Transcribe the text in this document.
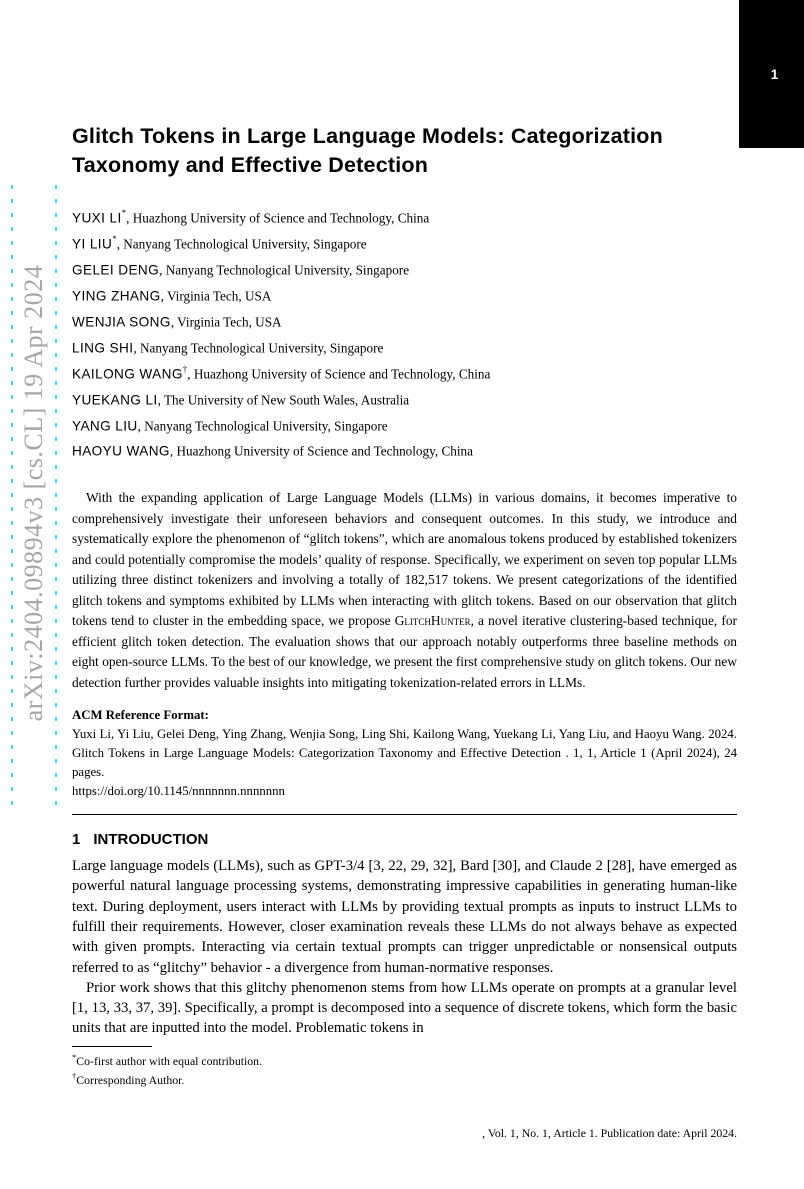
1
arXiv:2404.09894v3 [cs.CL] 19 Apr 2024
Glitch Tokens in Large Language Models: Categorization Taxonomy and Effective Detection
YUXI LI*, Huazhong University of Science and Technology, China
YI LIU*, Nanyang Technological University, Singapore
GELEI DENG, Nanyang Technological University, Singapore
YING ZHANG, Virginia Tech, USA
WENJIA SONG, Virginia Tech, USA
LING SHI, Nanyang Technological University, Singapore
KAILONG WANG†, Huazhong University of Science and Technology, China
YUEKANG LI, The University of New South Wales, Australia
YANG LIU, Nanyang Technological University, Singapore
HAOYU WANG, Huazhong University of Science and Technology, China
With the expanding application of Large Language Models (LLMs) in various domains, it becomes imperative to comprehensively investigate their unforeseen behaviors and consequent outcomes. In this study, we introduce and systematically explore the phenomenon of “glitch tokens”, which are anomalous tokens produced by established tokenizers and could potentially compromise the models’ quality of response. Specifically, we experiment on seven top popular LLMs utilizing three distinct tokenizers and involving a totally of 182,517 tokens. We present categorizations of the identified glitch tokens and symptoms exhibited by LLMs when interacting with glitch tokens. Based on our observation that glitch tokens tend to cluster in the embedding space, we propose GlitchHunter, a novel iterative clustering-based technique, for efficient glitch token detection. The evaluation shows that our approach notably outperforms three baseline methods on eight open-source LLMs. To the best of our knowledge, we present the first comprehensive study on glitch tokens. Our new detection further provides valuable insights into mitigating tokenization-related errors in LLMs.
ACM Reference Format:
Yuxi Li, Yi Liu, Gelei Deng, Ying Zhang, Wenjia Song, Ling Shi, Kailong Wang, Yuekang Li, Yang Liu, and Haoyu Wang. 2024. Glitch Tokens in Large Language Models: Categorization Taxonomy and Effective Detection . 1, 1, Article 1 (April 2024), 24 pages.
https://doi.org/10.1145/nnnnnnn.nnnnnnn
1 INTRODUCTION

Large language models (LLMs), such as GPT-3/4 [3, 22, 29, 32], Bard [30], and Claude 2 [28], have emerged as powerful natural language processing systems, demonstrating impressive capabilities in generating human-like text. During deployment, users interact with LLMs by providing textual prompts as inputs to instruct LLMs to fulfill their requirements. However, closer examination reveals these LLMs do not always behave as expected with given prompts. Interacting via certain textual prompts can trigger unpredictable or nonsensical outputs referred to as “glitchy” behavior - a divergence from human-normative responses.

Prior work shows that this glitchy phenomenon stems from how LLMs operate on prompts at a granular level [1, 13, 33, 37, 39]. Specifically, a prompt is decomposed into a sequence of discrete tokens, which form the basic units that are inputted into the model. Problematic tokens in

*Co-first author with equal contribution.
†Corresponding Author.
, Vol. 1, No. 1, Article 1. Publication date: April 2024.
